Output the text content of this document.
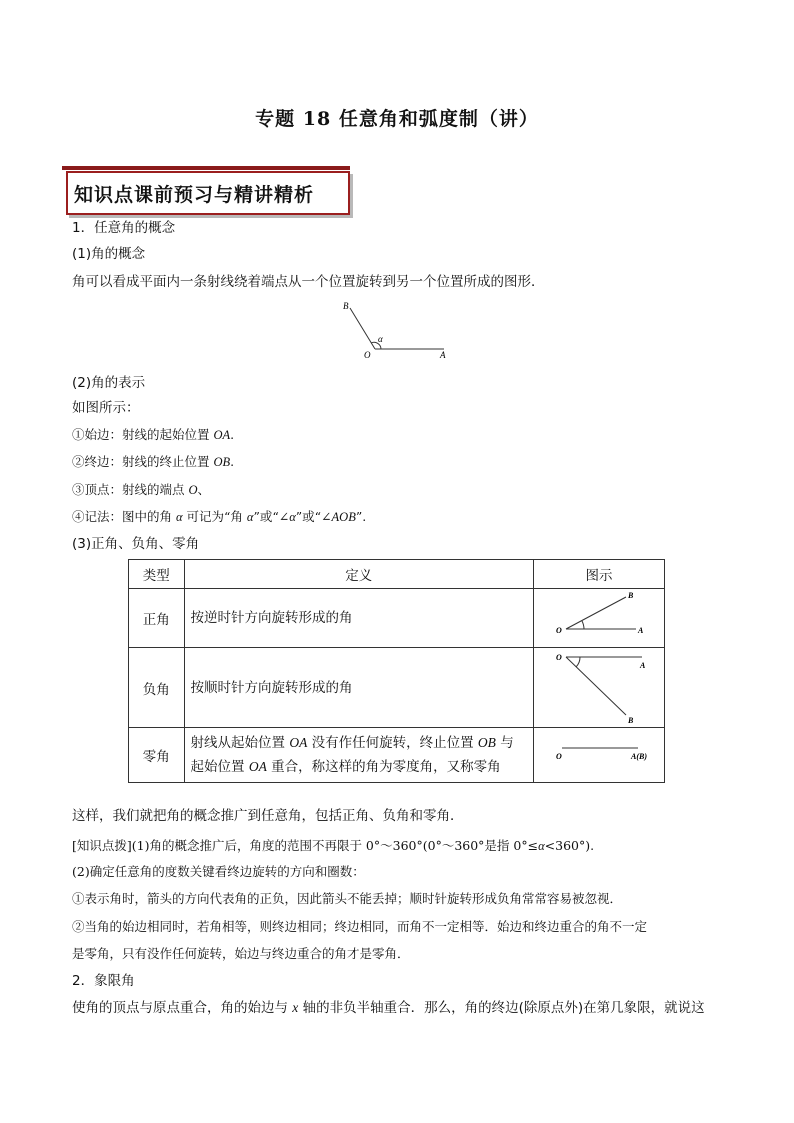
专题 18 任意角和弧度制（讲）
知识点课前预习与精讲精析
1．任意角的概念
(1)角的概念
角可以看成平面内一条射线绕着端点从一个位置旋转到另一个位置所成的图形．
B
O	A
α
(2)角的表示
如图所示：
①始边：射线的起始位置 OA.
②终边：射线的终止位置 OB.
③顶点：射线的端点 O、
④记法：图中的角 α 可记为“角 α”或“∠α”或“∠AOB”.
(3)正角、负角、零角
类型	定义	图示
正角	按逆时针方向旋转形成的角	O A
B

负角	按顺时针方向旋转形成的角	O
A
B

零角	射线从起始位置 OA 没有作任何旋转，终止位置 OB 与
起始位置 OA 重合，称这样的角为零度角，又称零角	O A(B)
这样，我们就把角的概念推广到任意角，包括正角、负角和零角．
[知识点拨](1)角的概念推广后，角度的范围不再限于 0°～360°(0°～360°是指 0°≤α<360°).
(2)确定任意角的度数关键看终边旋转的方向和圈数：
①表示角时，箭头的方向代表角的正负，因此箭头不能丢掉；顺时针旋转形成负角常常容易被忽视．
②当角的始边相同时，若角相等，则终边相同；终边相同，而角不一定相等．始边和终边重合的角不一定
是零角，只有没作任何旋转，始边与终边重合的角才是零角．
2．象限角
使角的顶点与原点重合，角的始边与 x 轴的非负半轴重合．那么，角的终边(除原点外)在第几象限，就说这
